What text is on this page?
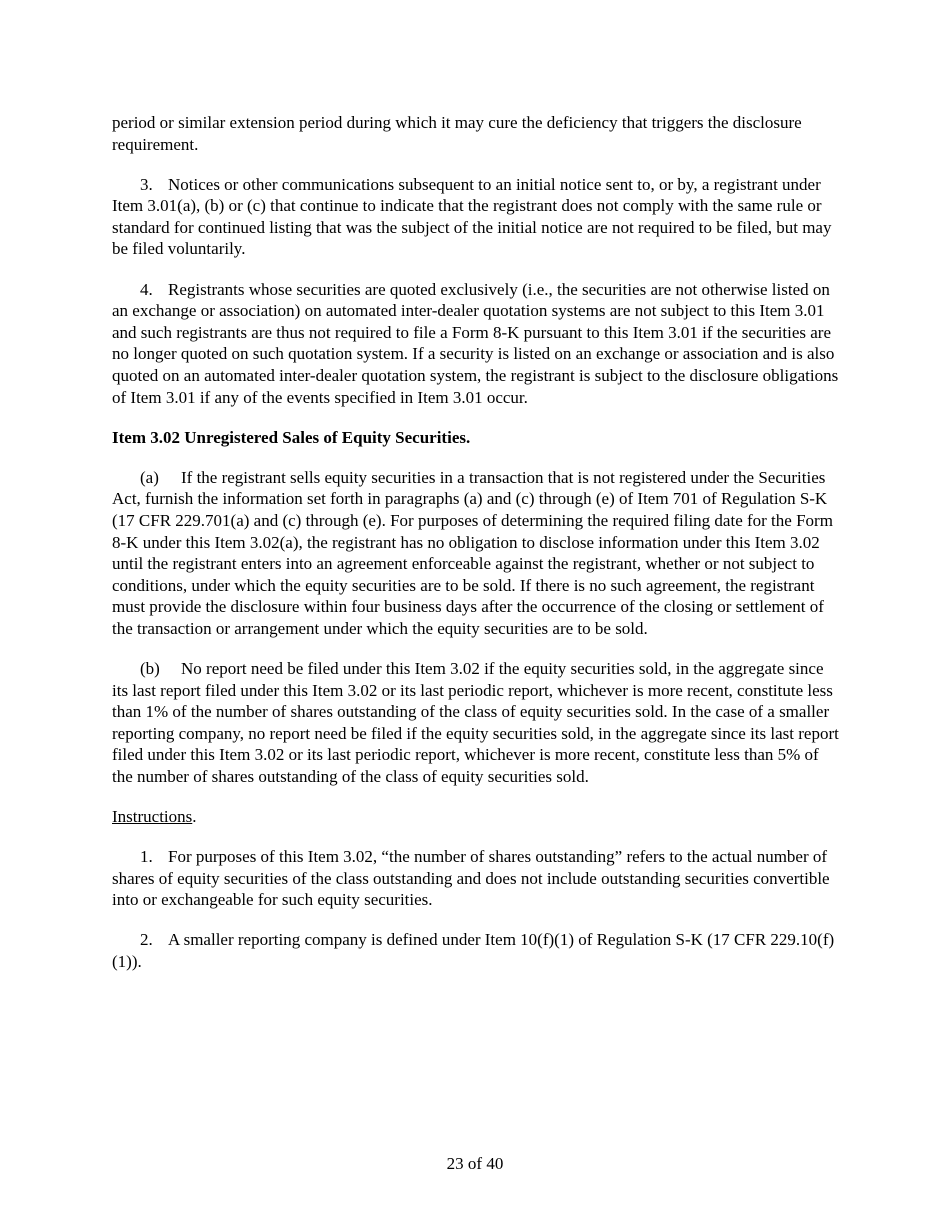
period or similar extension period during which it may cure the deficiency that triggers the disclosure requirement.

3. Notices or other communications subsequent to an initial notice sent to, or by, a registrant under Item 3.01(a), (b) or (c) that continue to indicate that the registrant does not comply with the same rule or standard for continued listing that was the subject of the initial notice are not required to be filed, but may be filed voluntarily.

4. Registrants whose securities are quoted exclusively (i.e., the securities are not otherwise listed on an exchange or association) on automated inter-dealer quotation systems are not subject to this Item 3.01 and such registrants are thus not required to file a Form 8-K pursuant to this Item 3.01 if the securities are no longer quoted on such quotation system. If a security is listed on an exchange or association and is also quoted on an automated inter-dealer quotation system, the registrant is subject to the disclosure obligations of Item 3.01 if any of the events specified in Item 3.01 occur.

Item 3.02 Unregistered Sales of Equity Securities.

(a) If the registrant sells equity securities in a transaction that is not registered under the Securities Act, furnish the information set forth in paragraphs (a) and (c) through (e) of Item 701 of Regulation S-K (17 CFR 229.701(a) and (c) through (e). For purposes of determining the required filing date for the Form 8-K under this Item 3.02(a), the registrant has no obligation to disclose information under this Item 3.02 until the registrant enters into an agreement enforceable against the registrant, whether or not subject to conditions, under which the equity securities are to be sold. If there is no such agreement, the registrant must provide the disclosure within four business days after the occurrence of the closing or settlement of the transaction or arrangement under which the equity securities are to be sold.

(b) No report need be filed under this Item 3.02 if the equity securities sold, in the aggregate since its last report filed under this Item 3.02 or its last periodic report, whichever is more recent, constitute less than 1% of the number of shares outstanding of the class of equity securities sold. In the case of a smaller reporting company, no report need be filed if the equity securities sold, in the aggregate since its last report filed under this Item 3.02 or its last periodic report, whichever is more recent, constitute less than 5% of the number of shares outstanding of the class of equity securities sold.

Instructions.

1. For purposes of this Item 3.02, “the number of shares outstanding” refers to the actual number of shares of equity securities of the class outstanding and does not include outstanding securities convertible into or exchangeable for such equity securities.

2. A smaller reporting company is defined under Item 10(f)(1) of Regulation S-K (17 CFR 229.10(f)(1)).

23 of 40
